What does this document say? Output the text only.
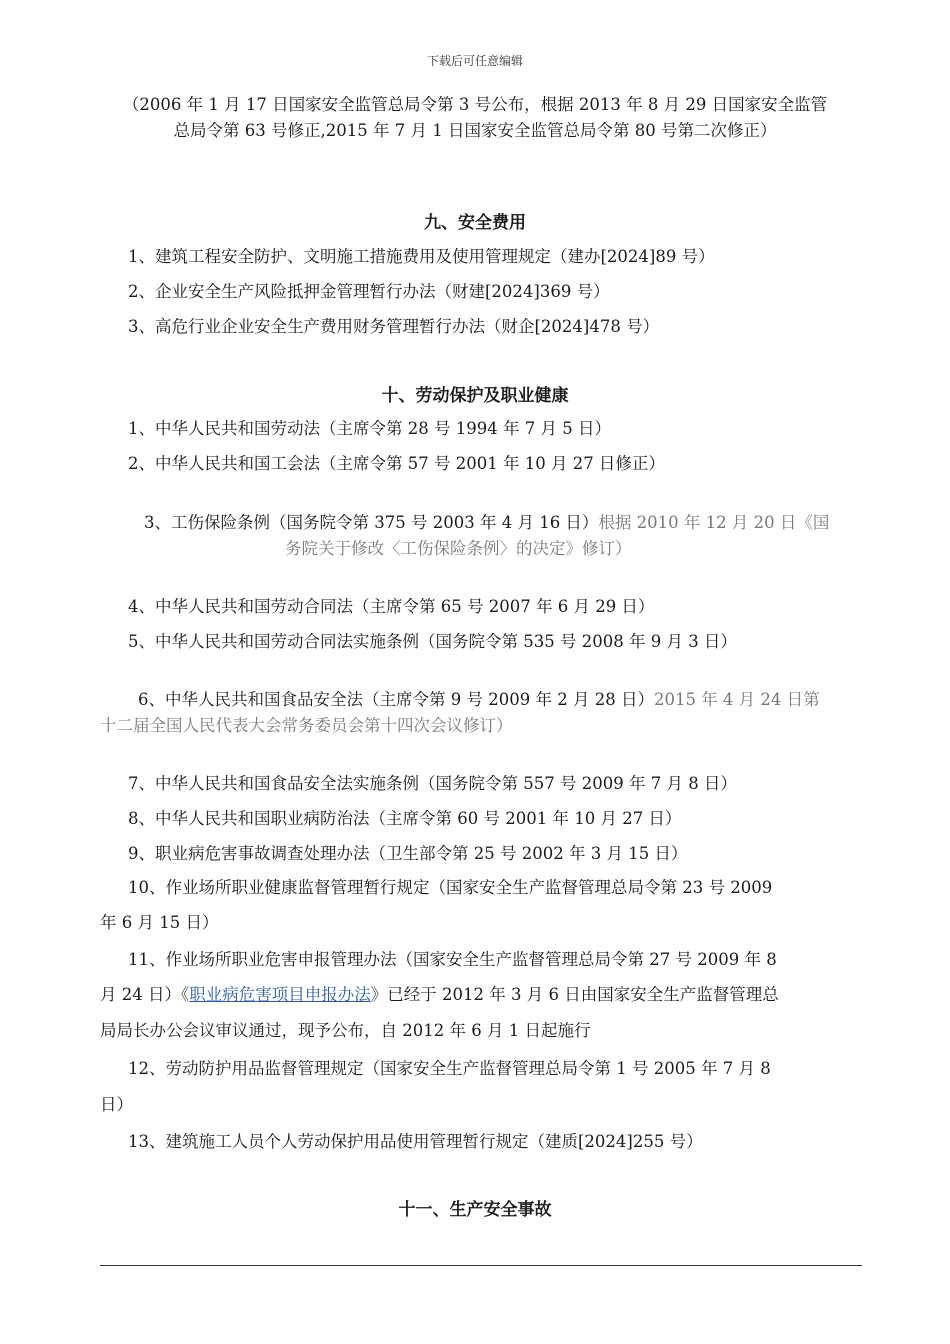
下载后可任意编辑
（2006 年 1 月 17 日国家安全监管总局令第 3 号公布，根据 2013 年 8 月 29 日国家安全监管
总局令第 63 号修正,2015 年 7 月 1 日国家安全监管总局令第 80 号第二次修正）
九、安全费用
1、建筑工程安全防护、文明施工措施费用及使用管理规定（建办[2024]89 号）
2、企业安全生产风险抵押金管理暂行办法（财建[2024]369 号）
3、高危行业企业安全生产费用财务管理暂行办法（财企[2024]478 号）
十、劳动保护及职业健康
1、中华人民共和国劳动法（主席令第 28 号 1994 年 7 月 5 日）
2、中华人民共和国工会法（主席令第 57 号 2001 年 10 月 27 日修正）
3、工伤保险条例（国务院令第 375 号 2003 年 4 月 16 日）根据 2010 年 12 月 20 日《国
务院关于修改〈工伤保险条例〉的决定》修订）
4、中华人民共和国劳动合同法（主席令第 65 号 2007 年 6 月 29 日）
5、中华人民共和国劳动合同法实施条例（国务院令第 535 号 2008 年 9 月 3 日）
6、中华人民共和国食品安全法（主席令第 9 号 2009 年 2 月 28 日）2015 年 4 月 24 日第
十二届全国人民代表大会常务委员会第十四次会议修订）
7、中华人民共和国食品安全法实施条例（国务院令第 557 号 2009 年 7 月 8 日）
8、中华人民共和国职业病防治法（主席令第 60 号 2001 年 10 月 27 日）
9、职业病危害事故调查处理办法（卫生部令第 25 号 2002 年 3 月 15 日）
10、作业场所职业健康监督管理暂行规定（国家安全生产监督管理总局令第 23 号 2009
年 6 月 15 日）
11、作业场所职业危害申报管理办法（国家安全生产监督管理总局令第 27 号 2009 年 8
月 24 日）《职业病危害项目申报办法》已经于 2012 年 3 月 6 日由国家安全生产监督管理总
局局长办公会议审议通过，现予公布，自 2012 年 6 月 1 日起施行
12、劳动防护用品监督管理规定（国家安全生产监督管理总局令第 1 号 2005 年 7 月 8
日）
13、建筑施工人员个人劳动保护用品使用管理暂行规定（建质[2024]255 号）
十一、生产安全事故
